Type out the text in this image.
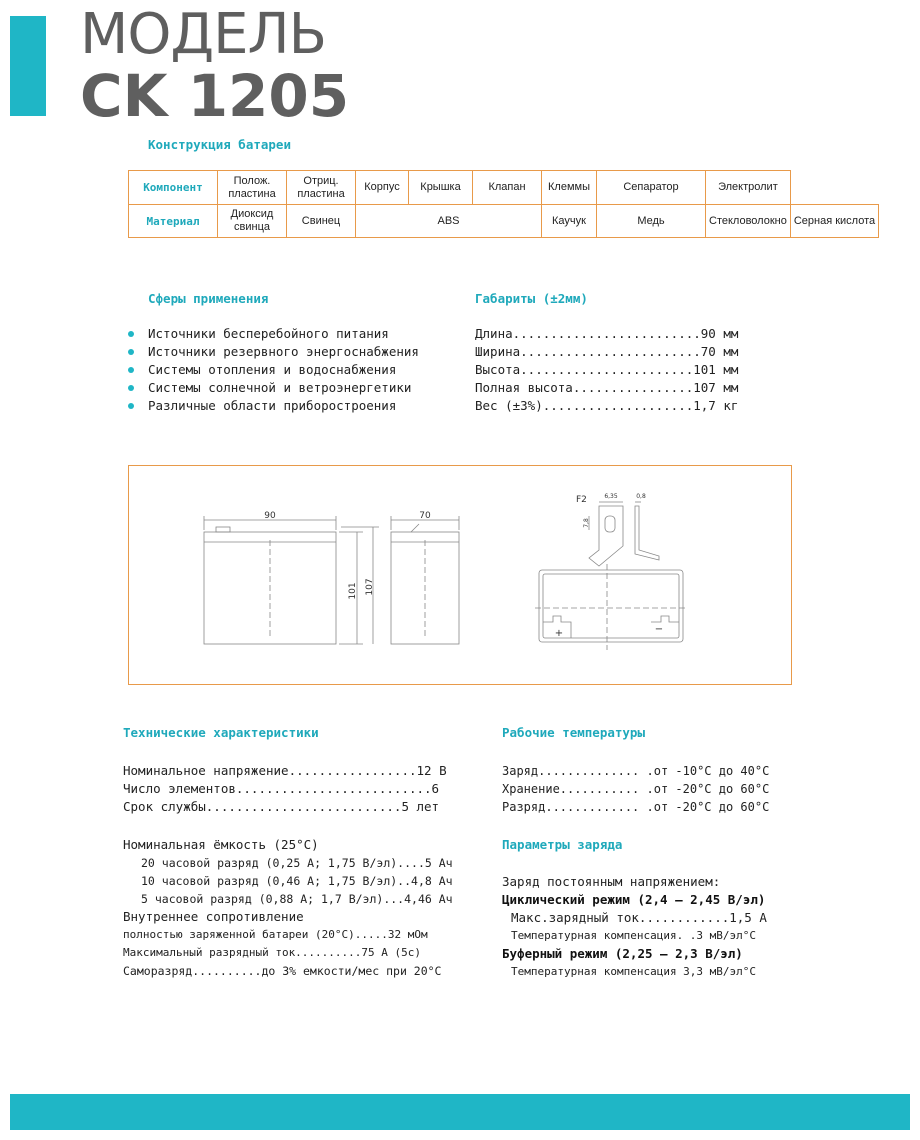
МОДЕЛЬ
CK 1205
Конструкция батареи
Компонент	Полож. пластина	Отриц. пластина	Корпус	Крышка	Клапан	Клеммы	Сепаратор	Электролит	
Материал	Диоксид свинца	Свинец	ABS			Каучук	Медь	Стекловолокно	Серная кислота
Сферы применения
Источники бесперебойного питания
Источники резервного энергоснабжения
Системы отопления и водоснабжения
Системы солнечной и ветроэнергетики
Различные области приборостроения
Габариты (±2мм)
Длина.........................90 мм
Ширина........................70 мм
Высота.......................101 мм
Полная высота................107 мм
Вес (±3%)....................1,7 кг
90	70
101 107
F2	6,35	0,8
7,8
+	−
Технические характеристики
Номинальное напряжение.................12 В
Число элементов..........................6
Срок службы..........................5 лет
Номинальная ёмкость (25°С)
20 часовой разряд (0,25 А; 1,75 В/эл)....5 Ач
10 часовой разряд (0,46 А; 1,75 В/эл)..4,8 Ач
5 часовой разряд (0,88 А; 1,7 В/эл)...4,46 Ач
Внутреннее сопротивление
полностью заряженной батареи (20°С).....32 мОм
Максимальный разрядный ток..........75 А (5с)
Саморазряд..........до 3% емкости/мес при 20°С
Рабочие температуры
Заряд.............. .от -10°С до 40°С
Хранение........... .от -20°С до 60°С
Разряд............. .от -20°С до 60°С
Параметры заряда
Заряд постоянным напряжением:
Циклический режим (2,4 – 2,45 В/эл)
Макс.зарядный ток............1,5 А
Температурная компенсация. .3 мВ/эл°С
Буферный режим (2,25 – 2,3 В/эл)
Температурная компенсация 3,3 мВ/эл°С
